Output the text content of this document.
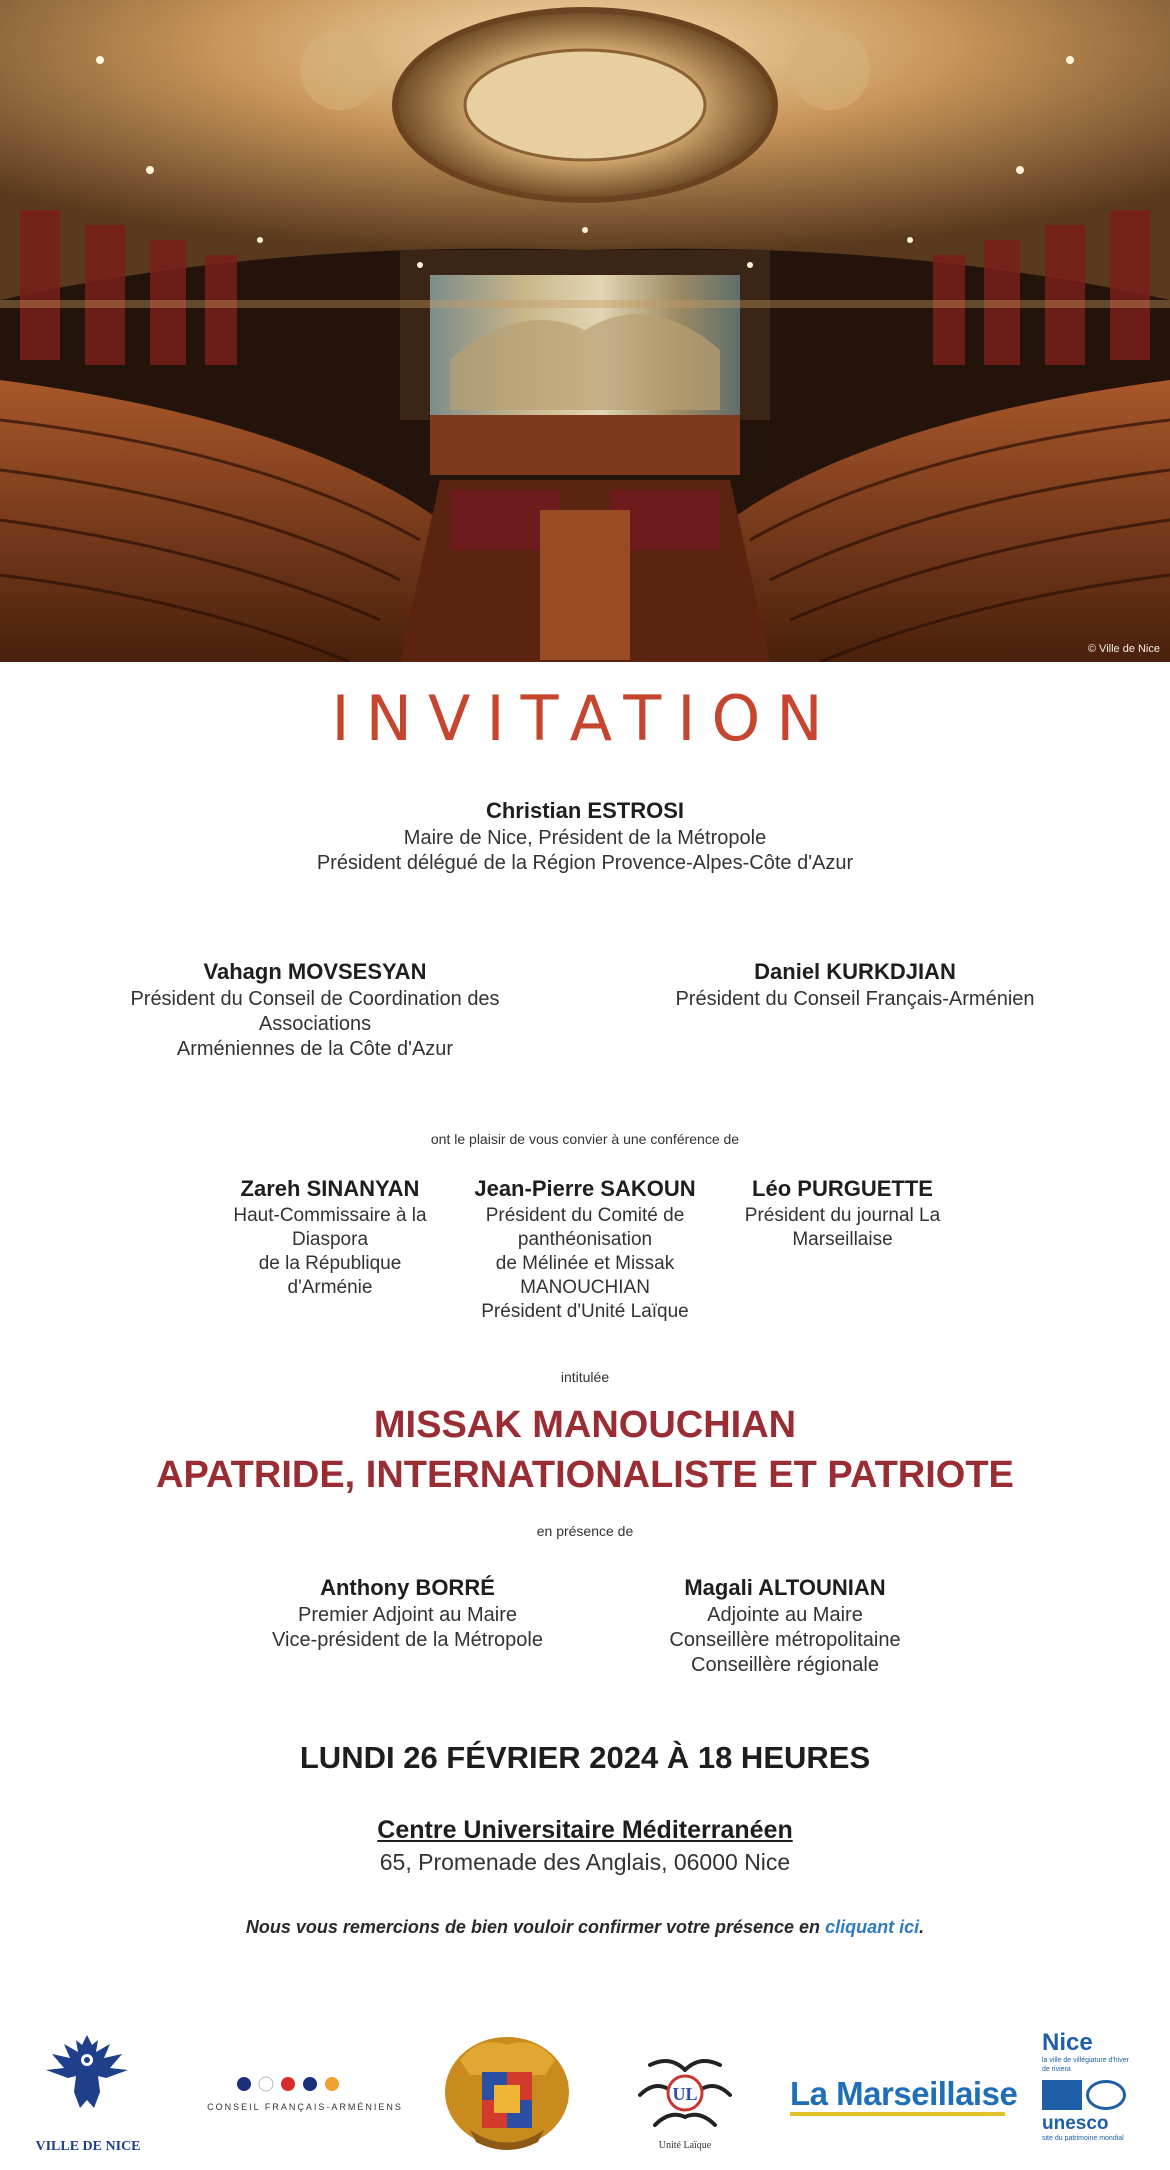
© Ville de Nice
INVITATION
Christian ESTROSI
Maire de Nice, Président de la Métropole
Président délégué de la Région Provence-Alpes-Côte d'Azur
Vahagn MOVSESYAN
Président du Conseil de Coordination des
Associations
Arméniennes de la Côte d'Azur
Daniel KURKDJIAN
Président du Conseil Français-Arménien
ont le plaisir de vous convier à une conférence de
Zareh SINANYAN
Haut-Commissaire à la
Diaspora
de la République
d'Arménie
Jean-Pierre SAKOUN
Président du Comité de
panthéonisation
de Mélinée et Missak
MANOUCHIAN
Président d'Unité Laïque
Léo PURGUETTE
Président du journal La
Marseillaise
intitulée
MISSAK MANOUCHIAN
APATRIDE, INTERNATIONALISTE ET PATRIOTE
en présence de
Anthony BORRÉ
Premier Adjoint au Maire
Vice-président de la Métropole
Magali ALTOUNIAN
Adjointe au Maire
Conseillère métropolitaine
Conseillère régionale
LUNDI 26 FÉVRIER 2024 À 18 HEURES
Centre Universitaire Méditerranéen
65, Promenade des Anglais, 06000 Nice
Nous vous remercions de bien vouloir confirmer votre présence en cliquant ici.
VILLE DE NICE
CONSEIL FRANÇAIS-ARMÉNIENS
UL
Unité Laïque
La Marseillaise
Nice
la ville de villégiature d'hiver de riviera
unesco
site du patrimoine mondial
